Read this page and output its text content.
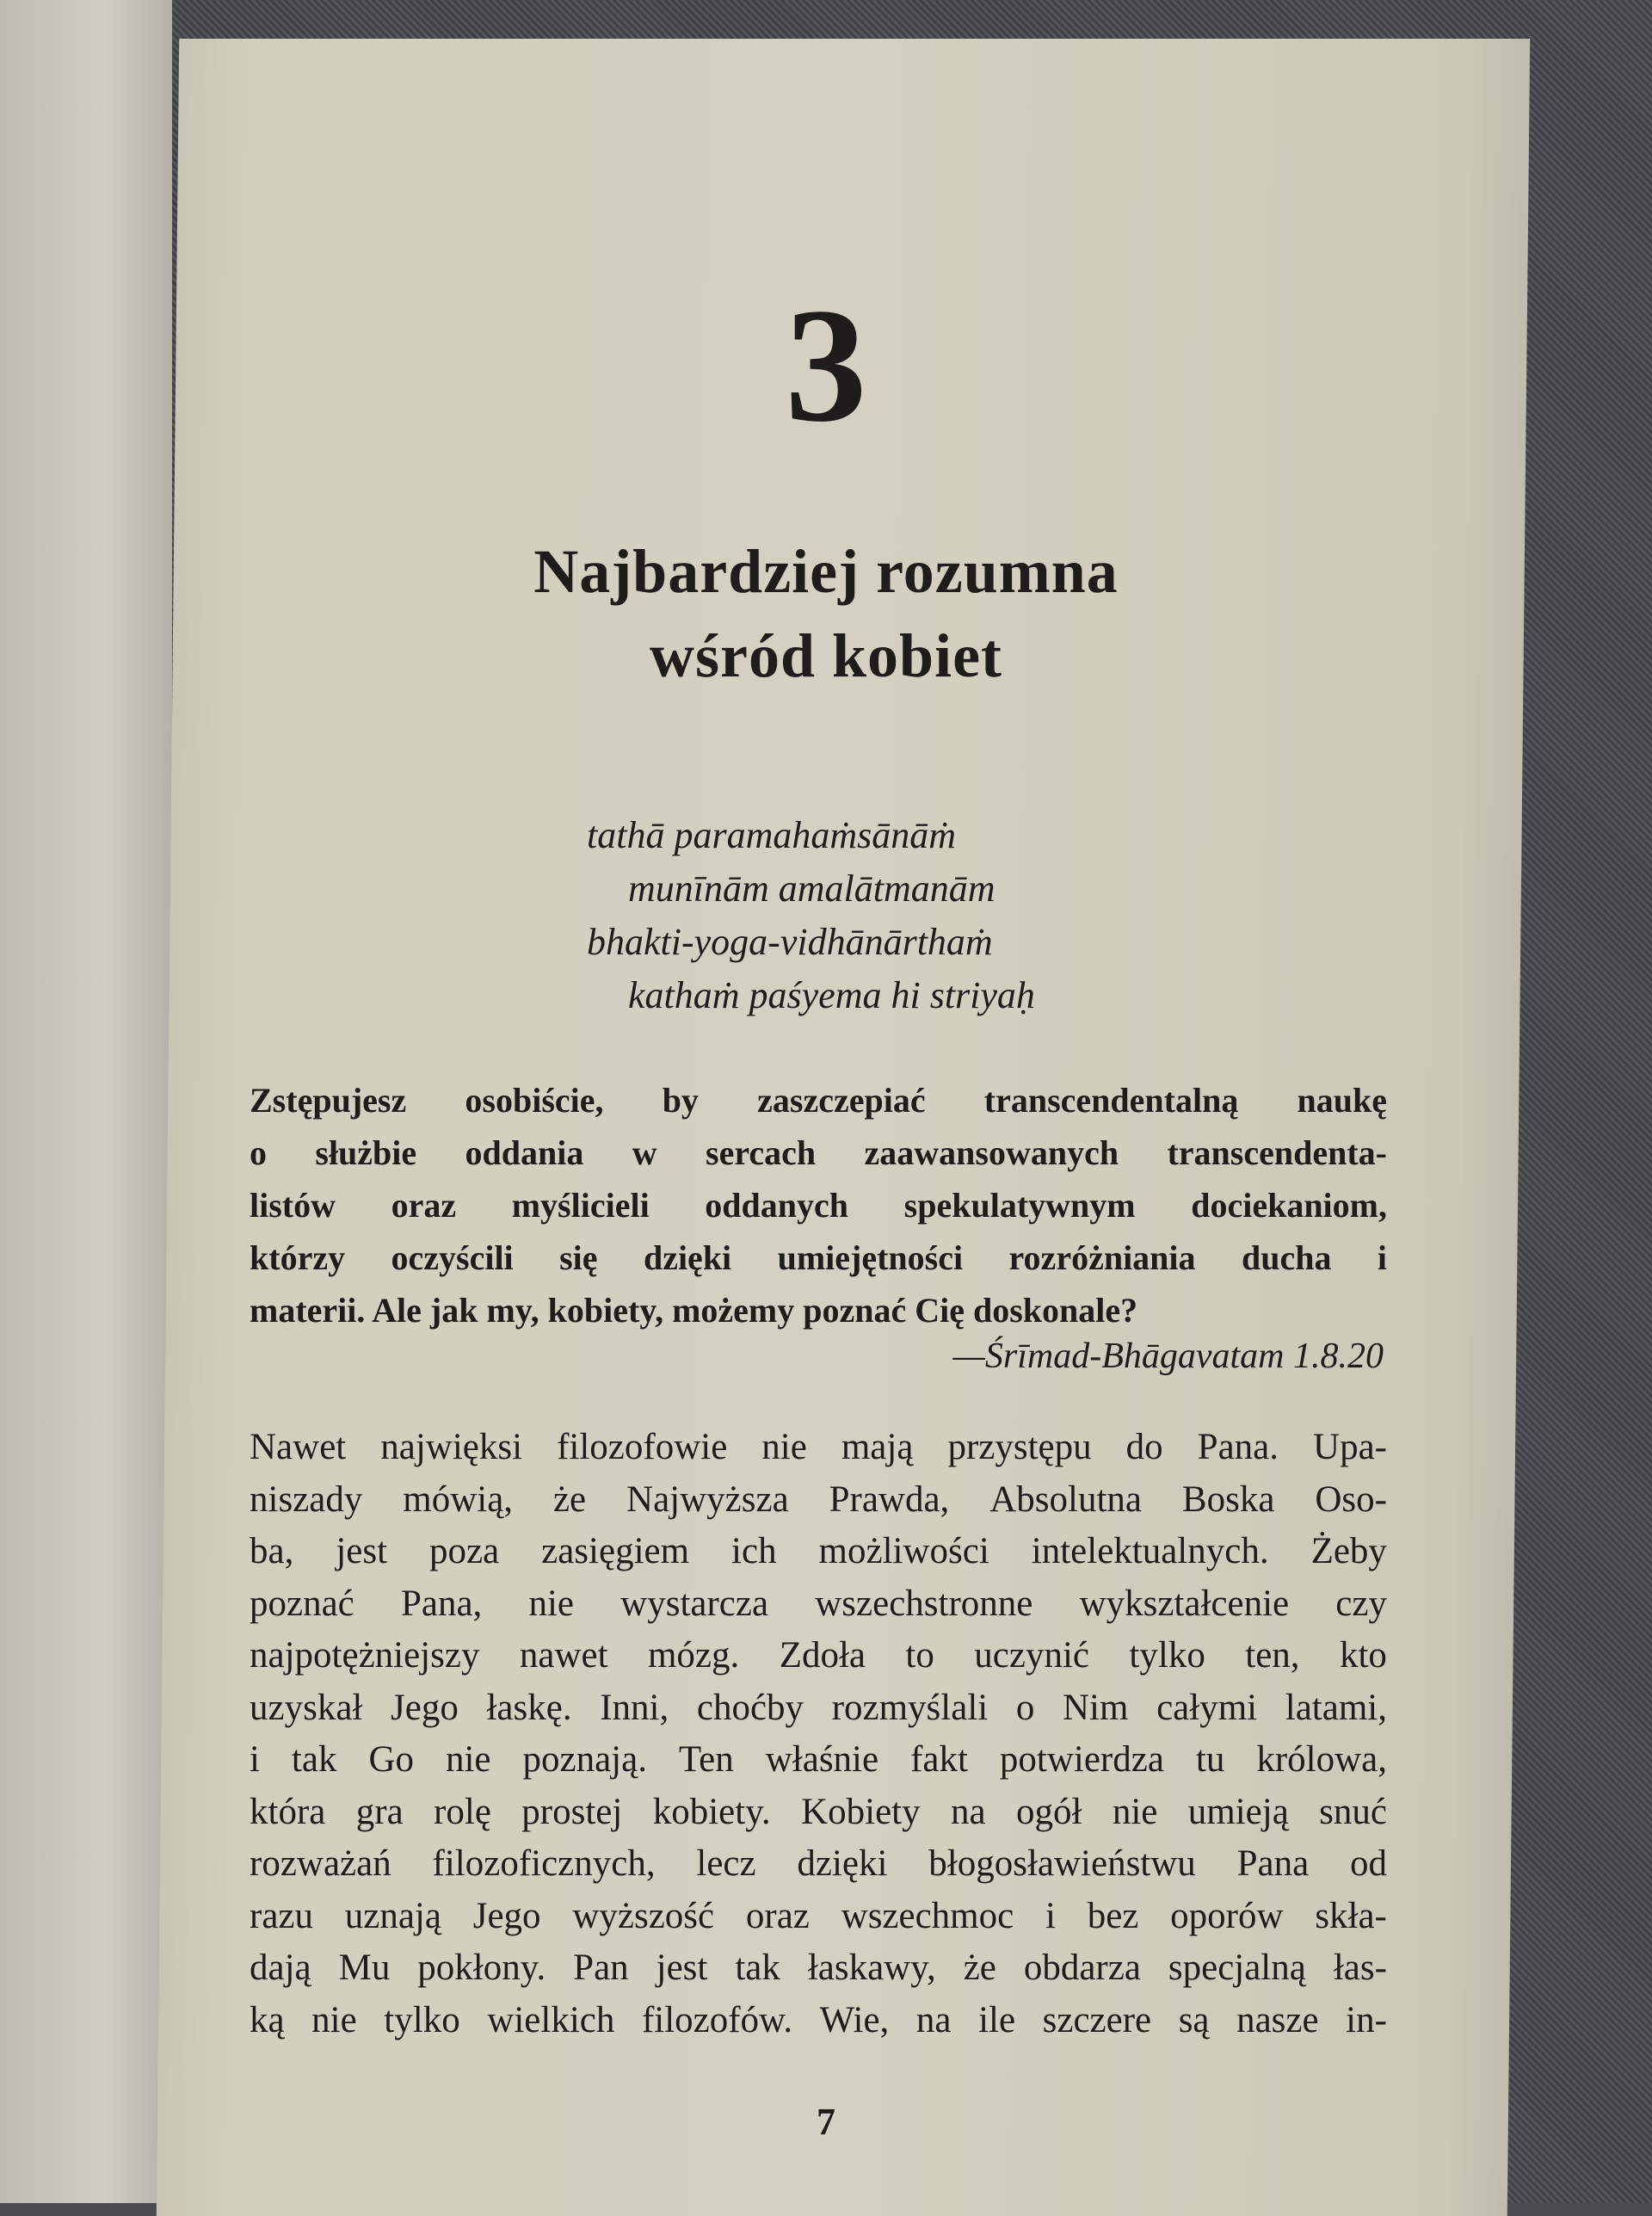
3
Najbardziej rozumna
wśród kobiet
tathā paramahaṁsānāṁ
munīnām amalātmanām
bhakti-yoga-vidhānārthaṁ
kathaṁ paśyema hi striyaḥ
Zstępujesz osobiście, by zaszczepiać transcendentalną naukę
o służbie oddania w sercach zaawansowanych transcendenta-
listów oraz myślicieli oddanych spekulatywnym dociekaniom,
którzy oczyścili się dzięki umiejętności rozróżniania ducha i
materii. Ale jak my, kobiety, możemy poznać Cię doskonale?
—Śrīmad-Bhāgavatam 1.8.20
Nawet najwięksi filozofowie nie mają przystępu do Pana. Upa-
niszady mówią, że Najwyższa Prawda, Absolutna Boska Oso-
ba, jest poza zasięgiem ich możliwości intelektualnych. Żeby
poznać Pana, nie wystarcza wszechstronne wykształcenie czy
najpotężniejszy nawet mózg. Zdoła to uczynić tylko ten, kto
uzyskał Jego łaskę. Inni, choćby rozmyślali o Nim całymi latami,
i tak Go nie poznają. Ten właśnie fakt potwierdza tu królowa,
która gra rolę prostej kobiety. Kobiety na ogół nie umieją snuć
rozważań filozoficznych, lecz dzięki błogosławieństwu Pana od
razu uznają Jego wyższość oraz wszechmoc i bez oporów skła-
dają Mu pokłony. Pan jest tak łaskawy, że obdarza specjalną łas-
ką nie tylko wielkich filozofów. Wie, na ile szczere są nasze in-
7
